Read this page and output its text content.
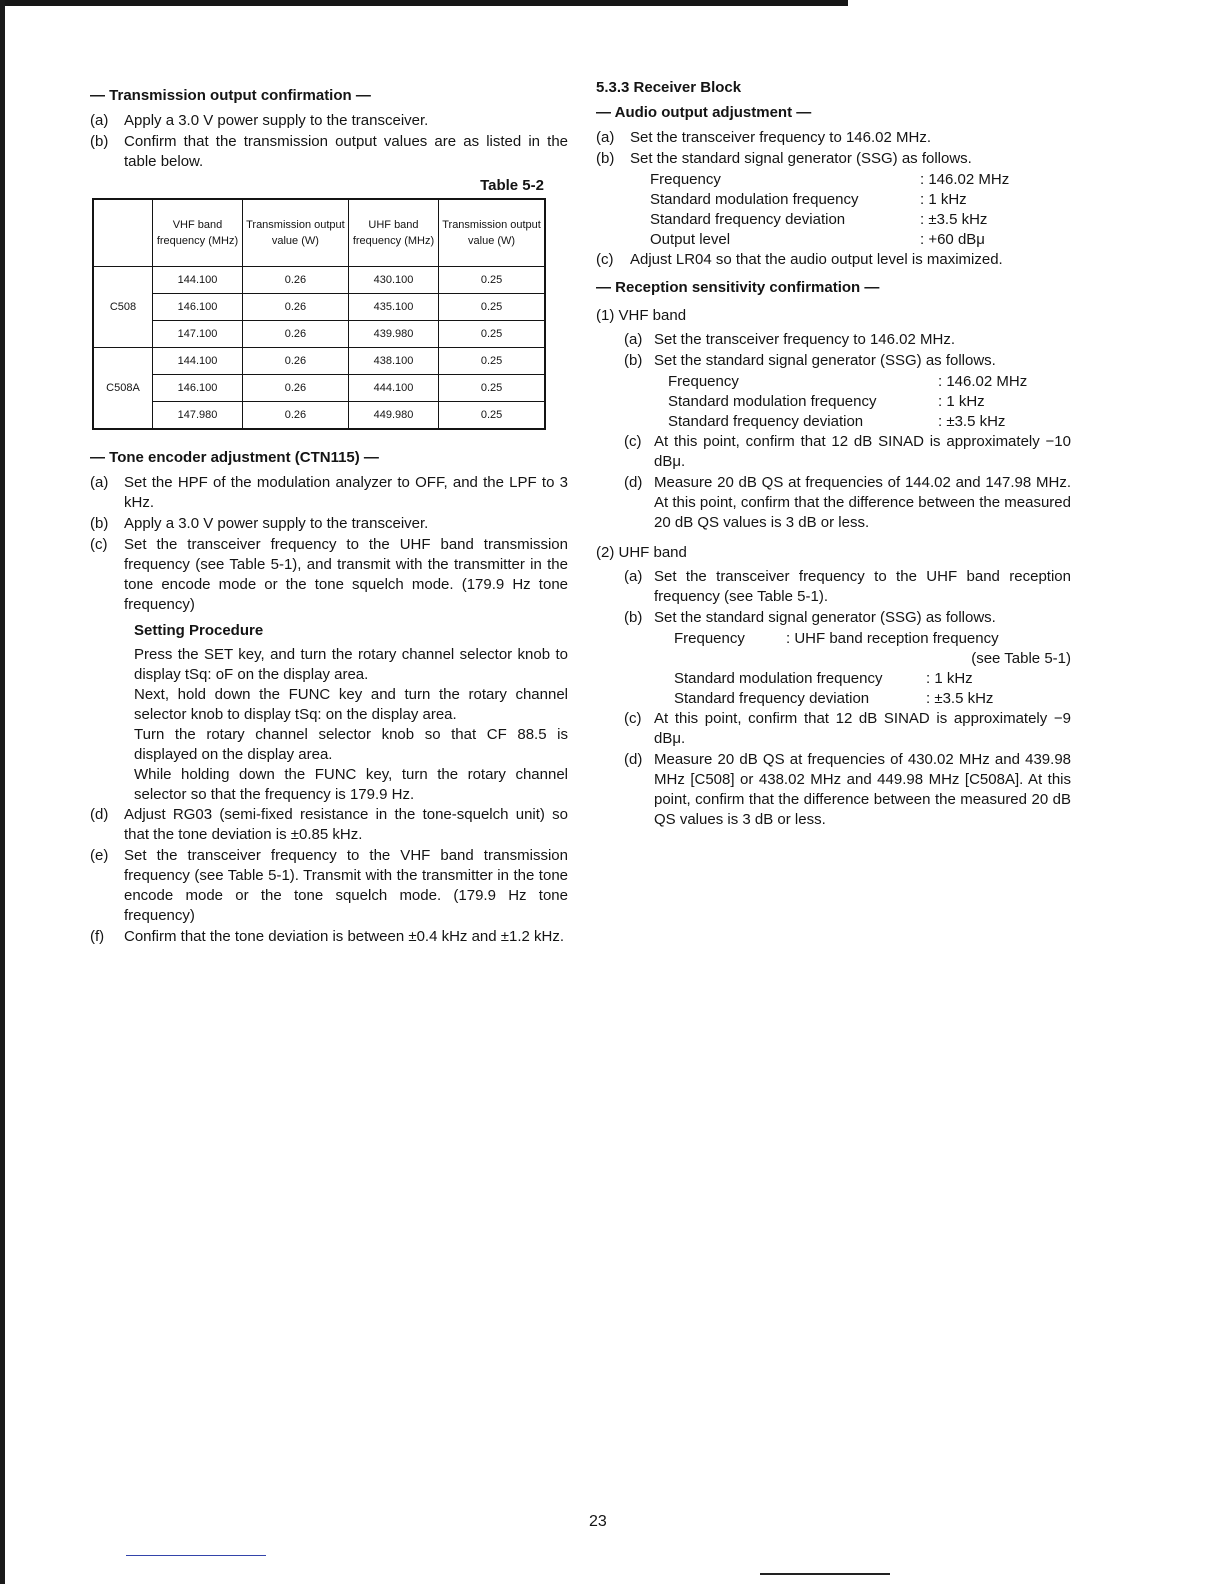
— Transmission output confirmation —
(a)	Apply a 3.0 V power supply to the transceiver.
(b)	Confirm that the transmission output values are as listed in the table below.
Table 5-2
	VHF band frequency (MHz)	Transmission output value (W)	UHF band frequency (MHz)	Transmission output value (W)
C508	144.100	0.26	430.100	0.25
	146.100	0.26	435.100	0.25
	147.100	0.26	439.980	0.25
C508A	144.100	0.26	438.100	0.25
	146.100	0.26	444.100	0.25
	147.980	0.26	449.980	0.25
— Tone encoder adjustment (CTN115) —
(a)	Set the HPF of the modulation analyzer to OFF, and the LPF to 3 kHz.
(b)	Apply a 3.0 V power supply to the transceiver.
(c)	Set the transceiver frequency to the UHF band transmission frequency (see Table 5-1), and transmit with the transmitter in the tone encode mode or the tone squelch mode. (179.9 Hz tone frequency)
Setting Procedure
Press the SET key, and turn the rotary channel selector knob to display tSq: oF on the display area.
Next, hold down the FUNC key and turn the rotary channel selector knob to display tSq: on the display area.
Turn the rotary channel selector knob so that CF 88.5 is displayed on the display area.
While holding down the FUNC key, turn the rotary channel selector so that the frequency is 179.9 Hz.
(d)	Adjust RG03 (semi-fixed resistance in the tone-squelch unit) so that the tone deviation is ±0.85 kHz.
(e)	Set the transceiver frequency to the VHF band transmission frequency (see Table 5-1). Transmit with the transmitter in the tone encode mode or the tone squelch mode. (179.9 Hz tone frequency)
(f)	Confirm that the tone deviation is between ±0.4 kHz and ±1.2 kHz.
5.3.3 Receiver Block
— Audio output adjustment —
(a)	Set the transceiver frequency to 146.02 MHz.
(b)	Set the standard signal generator (SSG) as follows.
Frequency	: 146.02 MHz
Standard modulation frequency	: 1 kHz
Standard frequency deviation	: ±3.5 kHz
Output level	: +60 dBμ
(c)	Adjust LR04 so that the audio output level is maximized.
— Reception sensitivity confirmation —
(1) VHF band
(a) Set the transceiver frequency to 146.02 MHz.
(b) Set the standard signal generator (SSG) as follows.
Frequency	: 146.02 MHz
Standard modulation frequency	: 1 kHz
Standard frequency deviation	: ±3.5 kHz
(c) At this point, confirm that 12 dB SINAD is approximately −10 dBμ.
(d) Measure 20 dB QS at frequencies of 144.02 and 147.98 MHz. At this point, confirm that the difference between the measured 20 dB QS values is 3 dB or less.
(2) UHF band
(a) Set the transceiver frequency to the UHF band reception frequency (see Table 5-1).
(b) Set the standard signal generator (SSG) as follows.
Frequency	: UHF band reception frequency
(see Table 5-1)
Standard modulation frequency	: 1 kHz
Standard frequency deviation	: ±3.5 kHz
(c) At this point, confirm that 12 dB SINAD is approximately −9 dBμ.
(d) Measure 20 dB QS at frequencies of 430.02 MHz and 439.98 MHz [C508] or 438.02 MHz and 449.98 MHz [C508A]. At this point, confirm that the difference between the measured 20 dB QS values is 3 dB or less.
23
